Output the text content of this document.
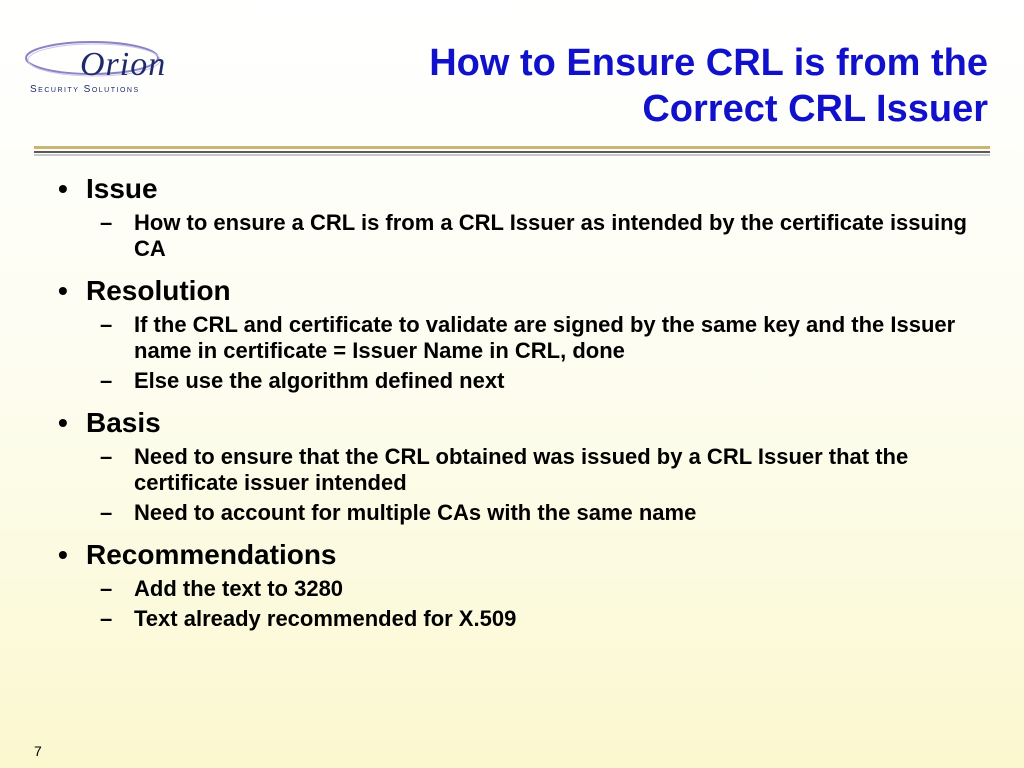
Orion
Security Solutions
How to Ensure CRL is from the
Correct CRL Issuer
• Issue
– How to ensure a CRL is from a CRL Issuer as intended by the certificate issuing CA
• Resolution
– If the CRL and certificate to validate are signed by the same key and the Issuer name in certificate = Issuer Name in CRL, done
– Else use the algorithm defined next
• Basis
– Need to ensure that the CRL obtained was issued by a CRL Issuer that the certificate issuer intended
– Need to account for multiple CAs with the same name
• Recommendations
– Add the text to 3280
– Text already recommended for X.509
7
